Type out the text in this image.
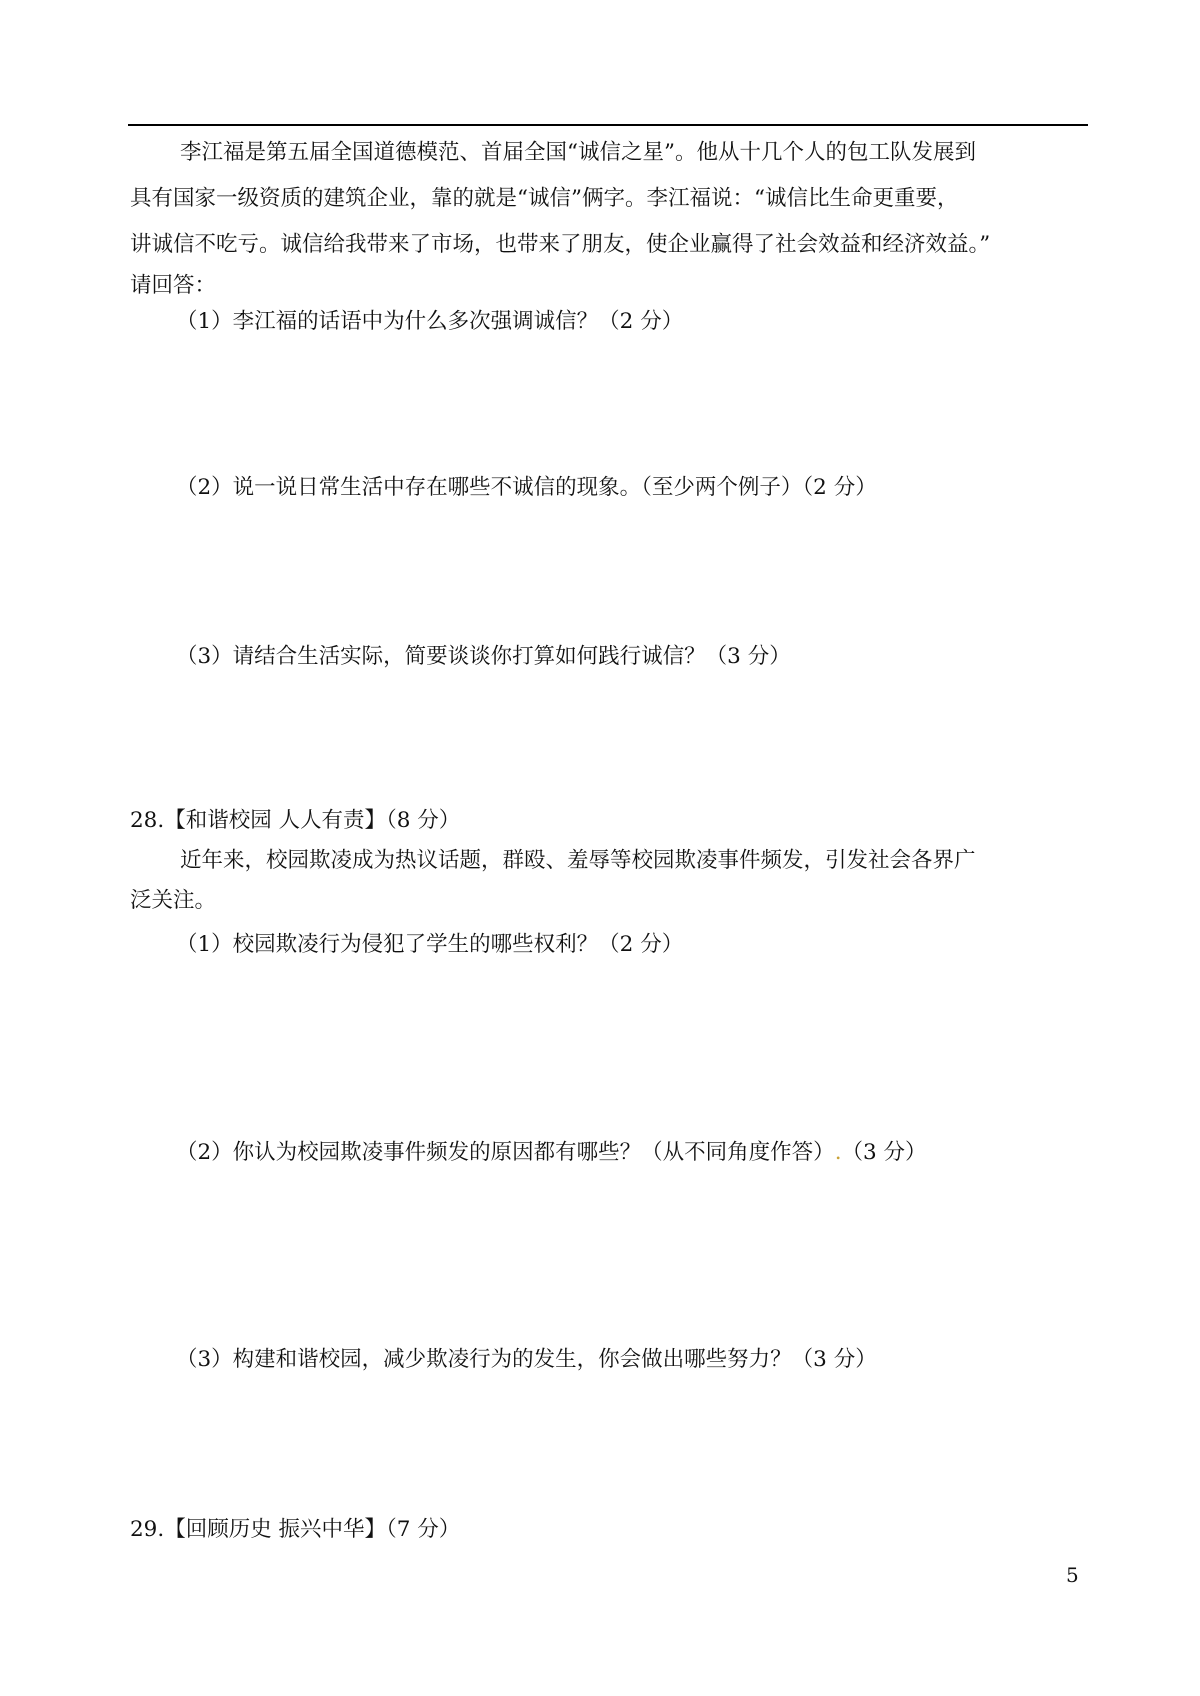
李江福是第五届全国道德模范、首届全国“诚信之星”。他从十几个人的包工队发展到
具有国家一级资质的建筑企业，靠的就是“诚信”俩字。李江福说：“诚信比生命更重要，
讲诚信不吃亏。诚信给我带来了市场，也带来了朋友，使企业赢得了社会效益和经济效益。”
请回答：
（1）李江福的话语中为什么多次强调诚信？（2 分）
（2）说一说日常生活中存在哪些不诚信的现象。（至少两个例子）（2 分）
（3）请结合生活实际，简要谈谈你打算如何践行诚信？（3 分）
28.【和谐校园 人人有责】（8 分）
近年来，校园欺凌成为热议话题，群殴、羞辱等校园欺凌事件频发，引发社会各界广
泛关注。
（1）校园欺凌行为侵犯了学生的哪些权利？（2 分）
（2）你认为校园欺凌事件频发的原因都有哪些？（从不同角度作答）.（3 分）
（3）构建和谐校园，减少欺凌行为的发生，你会做出哪些努力？（3 分）
29.【回顾历史 振兴中华】（7 分）
5
